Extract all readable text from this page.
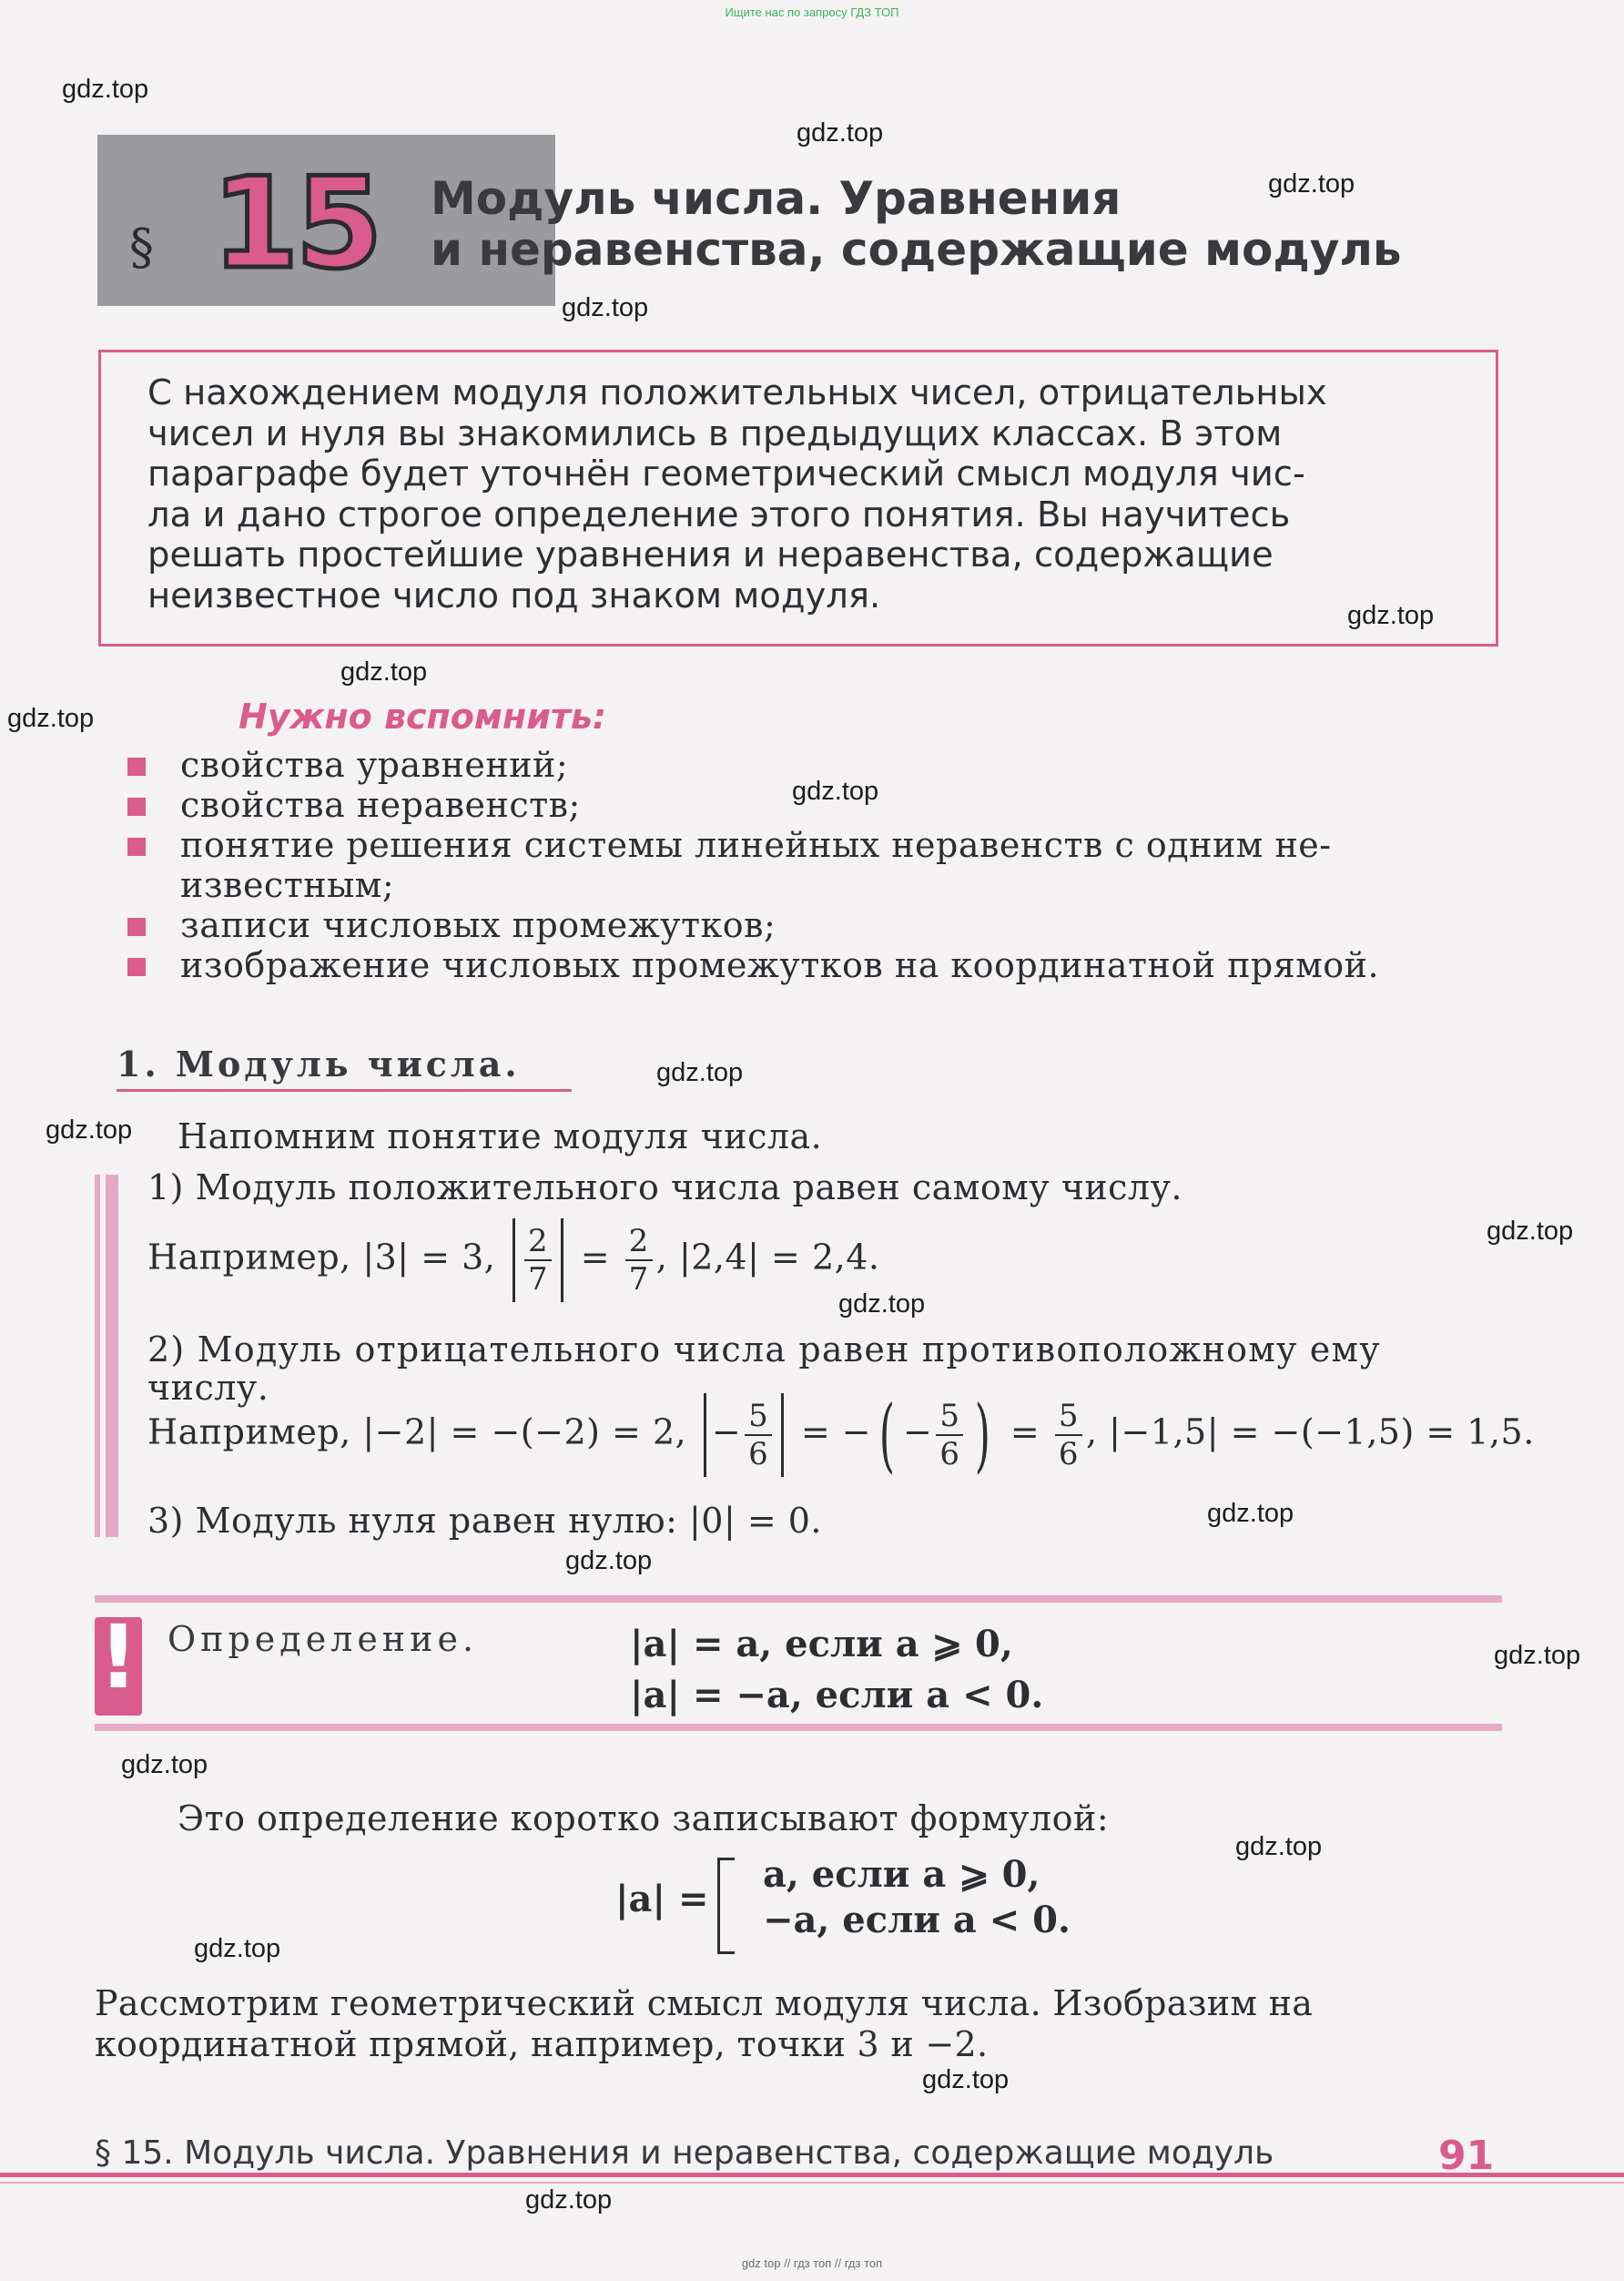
Ищите нас по запросу ГДЗ ТОП
gdz top // гдз топ // гдз топ
§ 15	Модуль числа. Уравнения
и неравенства, содержащие модуль
С нахождением модуля положительных чисел, отрицательных
чисел и нуля вы знакомились в предыдущих классах. В этом
параграфе будет уточнён геометрический смысл модуля чис-
ла и дано строгое определение этого понятия. Вы научитесь
решать простейшие уравнения и неравенства, содержащие
неизвестное число под знаком модуля.
Нужно вспомнить:
свойства уравнений;
свойства неравенств;
понятие решения системы линейных неравенств с одним не-
известным;
записи числовых промежутков;
изображение числовых промежутков на координатной прямой.
1. Модуль числа.
Напомним понятие модуля числа.
1) Модуль положительного числа равен самому числу.
Например, |3| = 3, $\frac{2}{7} = \frac{2}{7}$ , |2,4| = 2,4.
2) Модуль отрицательного числа равен противоположному ему
числу.
Например, |−2| = −(−2) = 2, − $\frac{5}{6}$ = −( − $\frac{5}{6}$ ) = $\frac{5}{6}$ , |−1,5| = −(−1,5) = 1,5.
3) Модуль нуля равен нулю: |0| = 0.
! Определение.	|a| = a, если a ⩾ 0,
|a| = −a, если a < 0.
Это определение коротко записывают формулой:
|a| =
a, если a ⩾ 0,
−a, если a < 0.
Рассмотрим геометрический смысл модуля числа. Изобразим на
координатной прямой, например, точки 3 и −2.
§ 15. Модуль числа. Уравнения и неравенства, содержащие модуль	91
gdz.top
gdz.top
gdz.top
gdz.top
gdz.top
gdz.top
gdz.top
gdz.top
gdz.top
gdz.top
gdz.top
gdz.top
gdz.top
gdz.top
gdz.top
gdz.top
gdz.top
gdz.top
gdz.top
gdz.top
